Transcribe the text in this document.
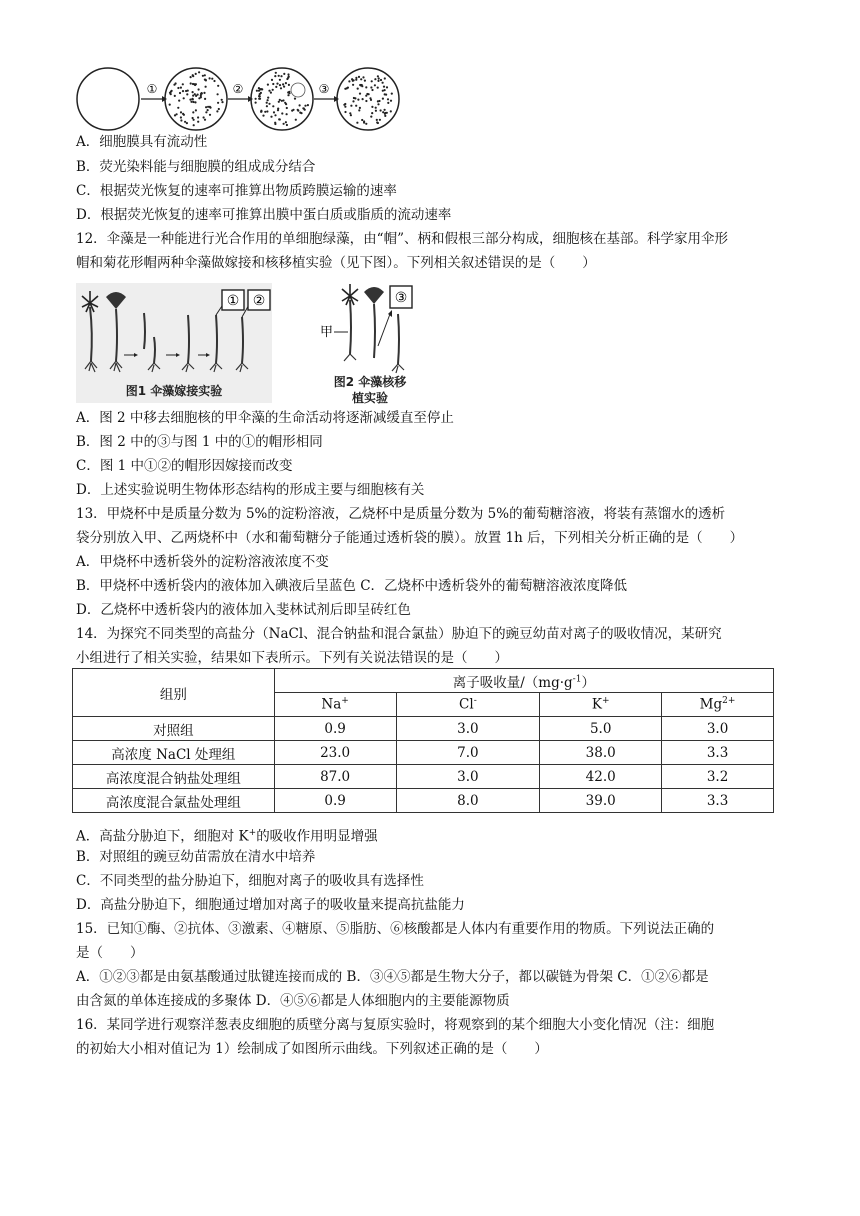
①	②	③
A．细胞膜具有流动性
B．荧光染料能与细胞膜的组成成分结合
C．根据荧光恢复的速率可推算出物质跨膜运输的速率
D．根据荧光恢复的速率可推算出膜中蛋白质或脂质的流动速率
12．伞藻是一种能进行光合作用的单细胞绿藻，由“帽”、柄和假根三部分构成，细胞核在基部。科学家用伞形
帽和菊花形帽两种伞藻做嫁接和核移植实验（见下图）。下列相关叙述错误的是（　　）
① ②
图1 伞藻嫁接实验
甲
③
图2 伞藻核移
植实验
A．图 2 中移去细胞核的甲伞藻的生命活动将逐渐减缓直至停止
B．图 2 中的③与图 1 中的①的帽形相同
C．图 1 中①②的帽形因嫁接而改变
D．上述实验说明生物体形态结构的形成主要与细胞核有关
13．甲烧杯中是质量分数为 5%的淀粉溶液，乙烧杯中是质量分数为 5%的葡萄糖溶液，将装有蒸馏水的透析
袋分别放入甲、乙两烧杯中（水和葡萄糖分子能通过透析袋的膜）。放置 1h 后，下列相关分析正确的是（　　）
A．甲烧杯中透析袋外的淀粉溶液浓度不变
B．甲烧杯中透析袋内的液体加入碘液后呈蓝色 C．乙烧杯中透析袋外的葡萄糖溶液浓度降低
D．乙烧杯中透析袋内的液体加入斐林试剂后即呈砖红色
14．为探究不同类型的高盐分（NaCl、混合钠盐和混合氯盐）胁迫下的豌豆幼苗对离子的吸收情况，某研究
小组进行了相关实验，结果如下表所示。下列有关说法错误的是（　　）
组别	离子吸收量$/(mg\cdot g^{-1})$			
	Na+	Cl-	K+	$Mg^{2+}$
对照组	0.9	3.0	5.0	3.0
高浓度 NaCl 处理组	23.0	7.0	38.0	3.3
高浓度混合钠盐处理组	87.0	3.0	42.0	3.2
高浓度混合氯盐处理组	0.9	8.0	39.0	3.3
A．高盐分胁迫下，细胞对 K+的吸收作用明显增强
B．对照组的豌豆幼苗需放在清水中培养
C．不同类型的盐分胁迫下，细胞对离子的吸收具有选择性
D．高盐分胁迫下，细胞通过增加对离子的吸收量来提高抗盐能力
15．已知①酶、②抗体、③激素、④糖原、⑤脂肪、⑥核酸都是人体内有重要作用的物质。下列说法正确的
是（　　）
A．①②③都是由氨基酸通过肽键连接而成的 B．③④⑤都是生物大分子，都以碳链为骨架 C．①②⑥都是
由含氮的单体连接成的多聚体 D．④⑤⑥都是人体细胞内的主要能源物质
16．某同学进行观察洋葱表皮细胞的质壁分离与复原实验时，将观察到的某个细胞大小变化情况（注：细胞
的初始大小相对值记为 1）绘制成了如图所示曲线。下列叙述正确的是（　　）
